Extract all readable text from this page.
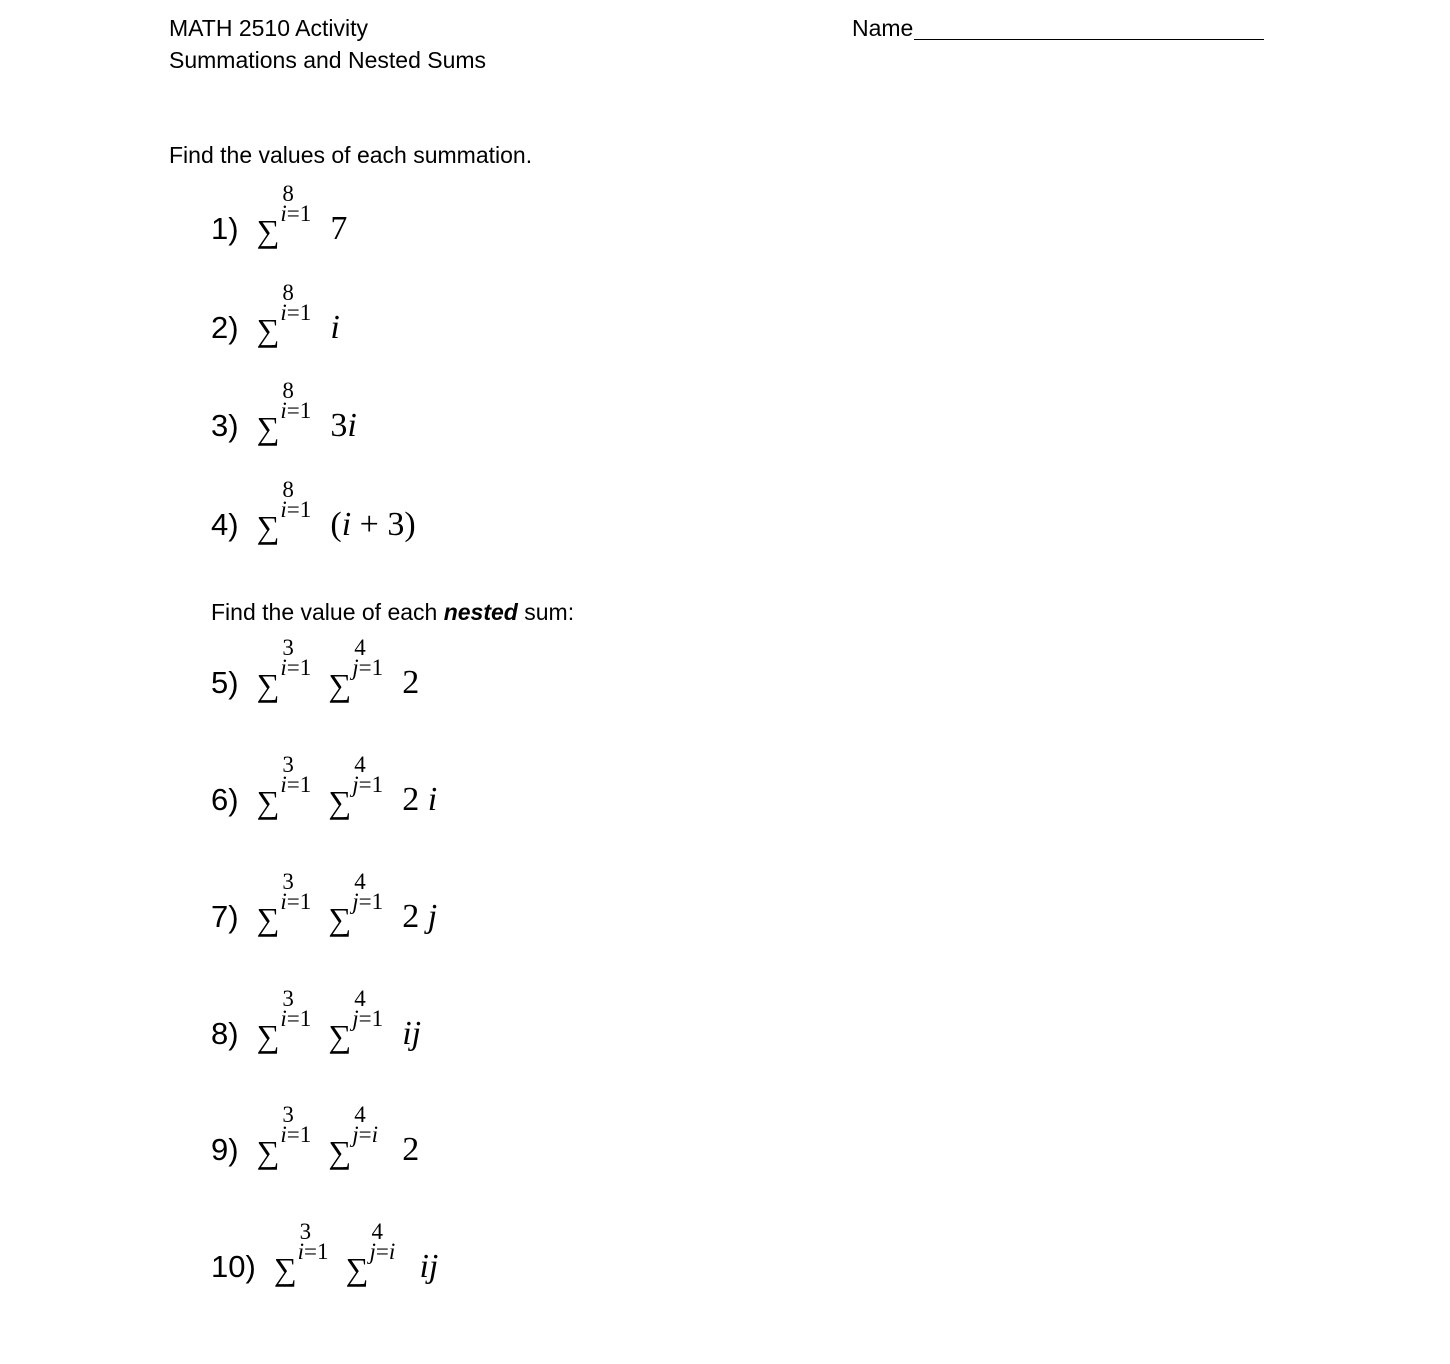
MATH 2510 Activity
Summations and Nested Sums
Name
Find the values of each summation.
Find the value of each nested sum:
1) ∑
8
i=1 7
2) ∑
8
i=1 i
3) ∑
8
i=1 3i
4) ∑
8
i=1 (i + 3)
5) ∑
3
i=1 ∑
4
j=1 2
6) ∑
3
i=1 ∑
4
j=1 2 i
7) ∑
3
i=1 ∑
4
j=1 2 j
8) ∑
3
i=1 ∑
4
j=1 ij
9) ∑
3
i=1 ∑
4
j=i 2
10) ∑
3
i=1 ∑
4
j=i ij
